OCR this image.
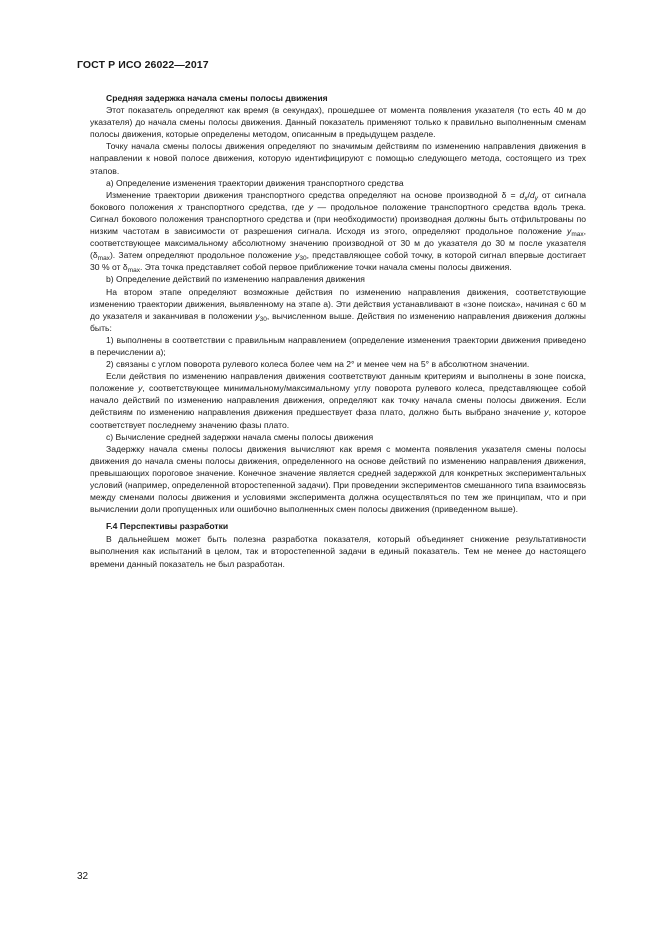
ГОСТ Р ИСО 26022—2017

Средняя задержка начала смены полосы движения

Этот показатель определяют как время (в секундах), прошедшее от момента появления указателя (то есть 40 м до указателя) до начала смены полосы движения. Данный показатель применяют только к правильно выполненным сменам полосы движения, которые определены методом, описанным в предыдущем разделе.

Точку начала смены полосы движения определяют по значимым действиям по изменению направления движения в направлении к новой полосе движения, которую идентифицируют с помощью следующего метода, состоящего из трех этапов.

а) Определение изменения траектории движения транспортного средства

Изменение траектории движения транспортного средства определяют на основе производной $\delta = d_x/d_y$ от сигнала бокового положения x транспортного средства, где y — продольное положение транспортного средства вдоль трека. Сигнал бокового положения транспортного средства и (при необходимости) производная должны быть отфильтрованы по низким частотам в зависимости от разрешения сигнала. Исходя из этого, определяют продольное положение $y_{max}$, соответствующее максимальному абсолютному значению производной от 30 м до указателя до 30 м после указателя $(\delta_{max})$. Затем определяют продольное положение $y_{30}$, представляющее собой точку, в которой сигнал впервые достигает 30 % от $\delta_{max}$. Эта точка представляет собой первое приближение точки начала смены полосы движения.

b) Определение действий по изменению направления движения

На втором этапе определяют возможные действия по изменению направления движения, соответствующие изменению траектории движения, выявленному на этапе а). Эти действия устанавливают в «зоне поиска», начиная с 60 м до указателя и заканчивая в положении $y_{30}$, вычисленном выше. Действия по изменению направления движения должны быть:

1) выполнены в соответствии с правильным направлением (определение изменения траектории движения приведено в перечислении а);

2) связаны с углом поворота рулевого колеса более чем на 2° и менее чем на 5° в абсолютном значении.

Если действия по изменению направления движения соответствуют данным критериям и выполнены в зоне поиска, положение y, соответствующее минимальному/максимальному углу поворота рулевого колеса, представляющее собой начало действий по изменению направления движения, определяют как точку начала смены полосы движения. Если действиям по изменению направления движения предшествует фаза плато, должно быть выбрано значение y, которое соответствует последнему значению фазы плато.

с) Вычисление средней задержки начала смены полосы движения

Задержку начала смены полосы движения вычисляют как время с момента появления указателя смены полосы движения до начала смены полосы движения, определенного на основе действий по изменению направления движения, превышающих пороговое значение. Конечное значение является средней задержкой для конкретных экспериментальных условий (например, определенной второстепенной задачи). При проведении экспериментов смешанного типа взаимосвязь между сменами полосы движения и условиями эксперимента должна осуществляться по тем же принципам, что и при вычислении доли пропущенных или ошибочно выполненных смен полосы движения (приведенном выше).

F.4 Перспективы разработки

В дальнейшем может быть полезна разработка показателя, который объединяет снижение результативности выполнения как испытаний в целом, так и второстепенной задачи в единый показатель. Тем не менее до настоящего времени данный показатель не был разработан.

32
